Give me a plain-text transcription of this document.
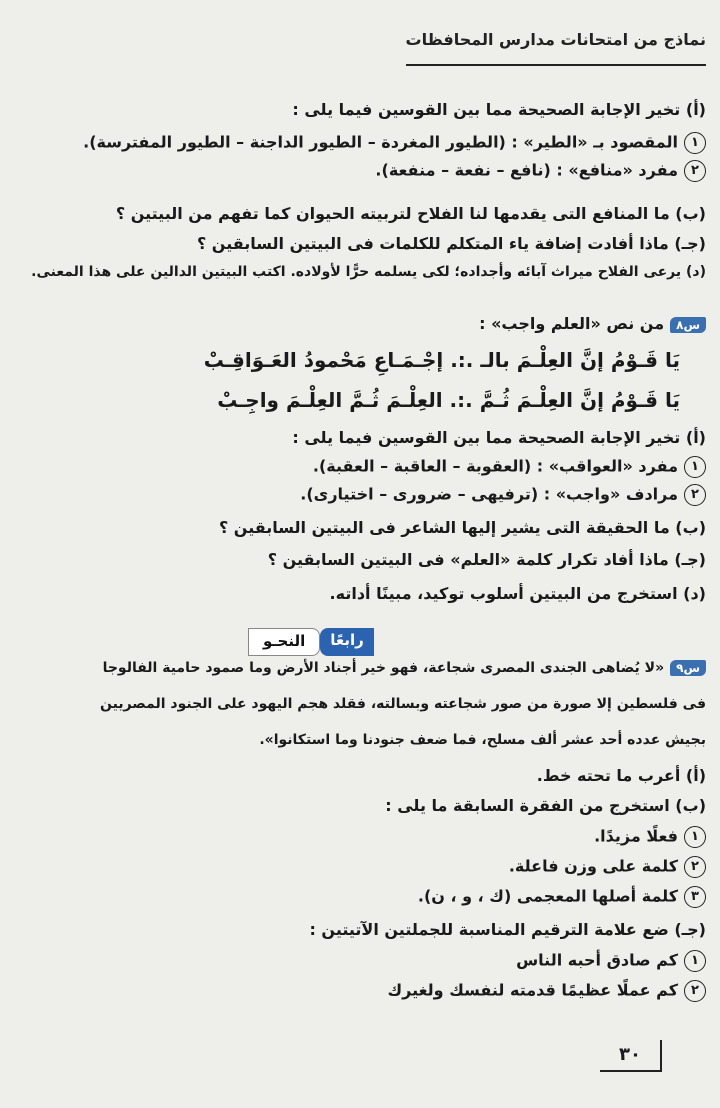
نماذج من امتحانات مدارس المحافظات
(أ) تخير الإجابة الصحيحة مما بين القوسين فيما يلى :
١المقصود بـ «الطير» : (الطيور المغردة – الطيور الداجنة – الطيور المفترسة).
٢مفرد «منافع» : (نافع – نفعة – منفعة).
(ب) ما المنافع التى يقدمها لنا الفلاح لتربيته الحيوان كما تفهم من البيتين ؟
(جـ) ماذا أفادت إضافة ياء المتكلم للكلمات فى البيتين السابقين ؟
(د) يرعى الفلاح ميراث آبائه وأجداده؛ لكى يسلمه حرًّا لأولاده. اكتب البيتين الدالين على هذا المعنى.
س٨من نص «العلم واجب» :
يَا قَـوْمُ إنَّ العِلْـمَ بالـ .:. إجْـمَـاعِ مَحْمودُ العَـوَاقِـبْ
يَا قَـوْمُ إنَّ العِلْـمَ ثُـمَّ .:. العِلْـمَ ثُـمَّ العِلْـمَ واجِـبْ
(أ) تخير الإجابة الصحيحة مما بين القوسين فيما يلى :
١مفرد «العواقب» : (العقوبة – العاقبة – العقبة).
٢مرادف «واجب» : (ترفيهى – ضرورى – اختيارى).
(ب) ما الحقيقة التى يشير إليها الشاعر فى البيتين السابقين ؟
(جـ) ماذا أفاد تكرار كلمة «العلم» فى البيتين السابقين ؟
(د) استخرج من البيتين أسلوب توكيد، مبينًا أداته.
النحـو	رابعًا
س٩«لا يُضاهى الجندى المصرى شجاعة، فهو خير أجناد الأرض وما صمود حامية الفالوجا
فى فلسطين إلا صورة من صور شجاعته وبسالته، فقلد هجم اليهود على الجنود المصريين
بجيش عدده أحد عشر ألف مسلح، فما ضعف جنودنا وما استكانوا».
(أ) أعرب ما تحته خط.
(ب) استخرج من الفقرة السابقة ما يلى :
١فعلًا مزيدًا.
٢كلمة على وزن فاعلة.
٣كلمة أصلها المعجمى (ك ، و ، ن).
(جـ) ضع علامة الترقيم المناسبة للجملتين الآتيتين :
١كم صادق أحبه الناس
٢كم عملًا عظيمًا قدمته لنفسك ولغيرك
٣٠
